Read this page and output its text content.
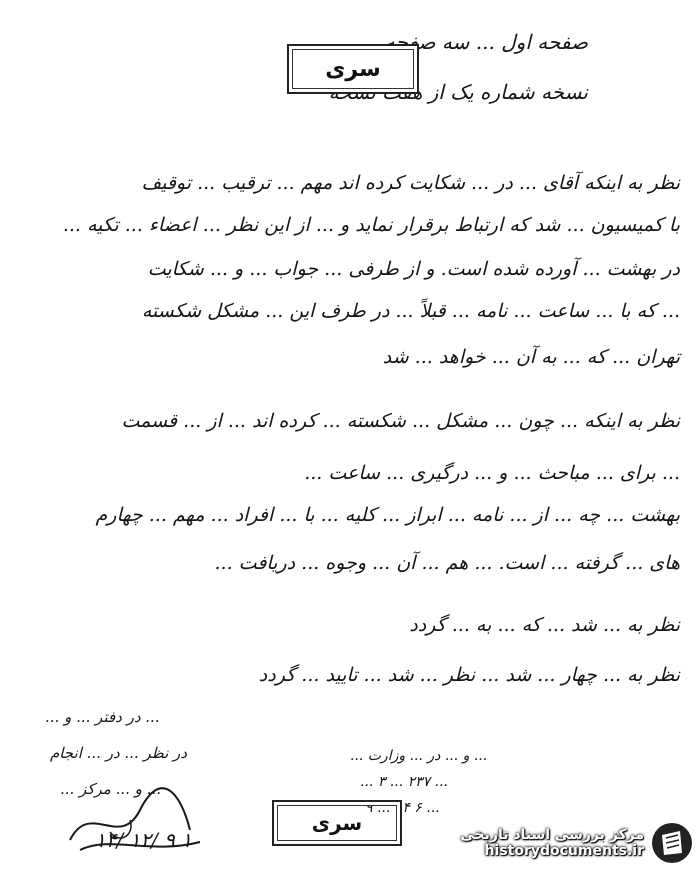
صفحه اول ... سه صفحه
نسخه شماره یک از هفت نسخه
سری
نظر به اینکه آقای ... در ... شکایت کرده اند مهم ... ترقیب ... توقیف
با کمیسیون ... شد که ارتباط برقرار نماید و ... از این نظر ... اعضاء ... تکیه ...
در بهشت ... آورده شده است. و از طرفی ... جواب ... و ... شکایت
... که با ... ساعت ... نامه ... قبلاً ... در طرف این ... مشکل شکسته
تهران ... که ... به آن ... خواهد ... شد
نظر به اینکه ... چون ... مشکل ... شکسته ... کرده اند ... از ... قسمت
... برای ... مباحث ... و ... درگیری ... ساعت ...
بهشت ... چه ... از ... نامه ... ابراز ... کلیه ... با ... افراد ... مهم ... چهارم
های ... گرفته ... است. ... هم ... آن ... وجوه ... دریافت ...
نظر به ... شد ... که ... به ... گردد
نظر به ... چهار ... شد ... نظر ... شد ... تایید ... گردد
... در دفتر ... و ...
در نظر ... در ... انجام
... و ... مرکز ...
۱۴/ ۱۲/ ۹ ۱
... و ... در ... وزارت ...
... ۲۳۷ ... ۳ ...
... ۶ ۱۴ ... ۹
سری	مرکز بررسی اسناد تاریخی
historydocuments.ir
